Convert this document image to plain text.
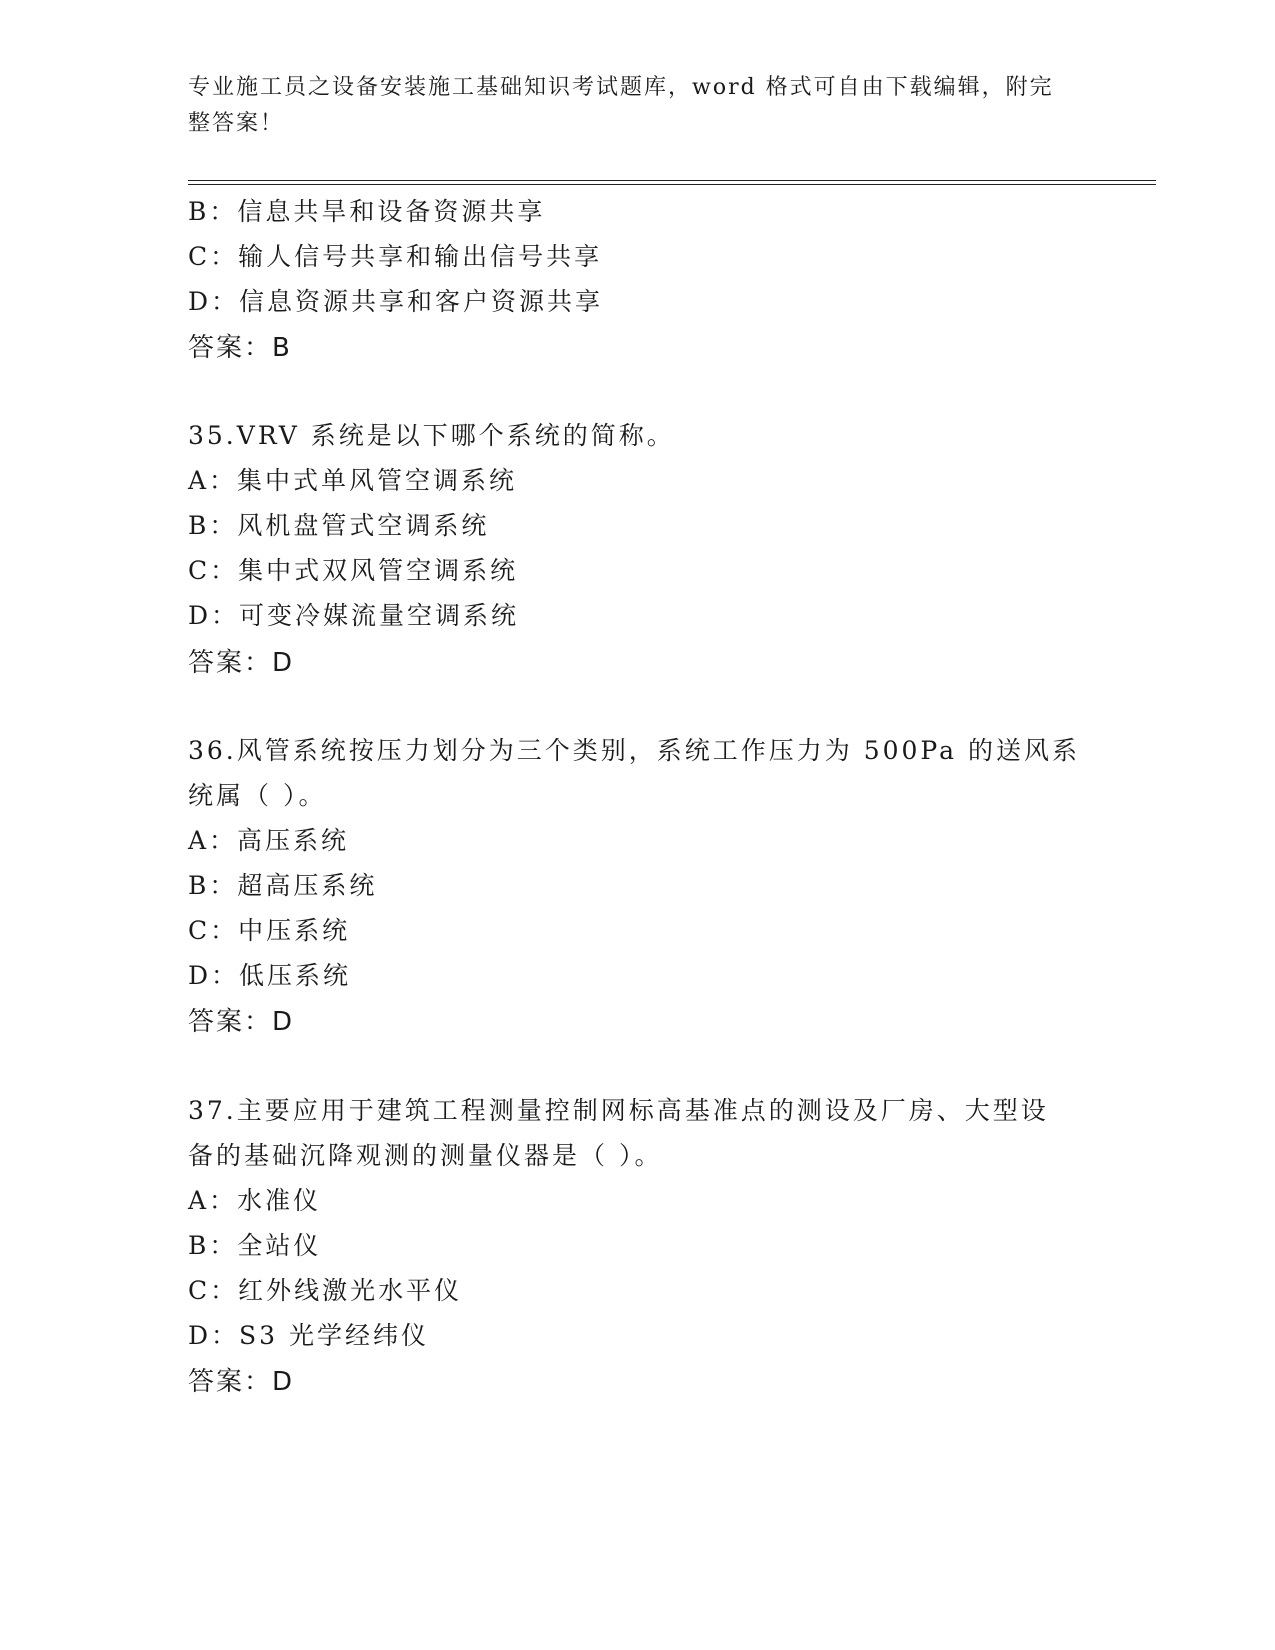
专业施工员之设备安装施工基础知识考试题库，word 格式可自由下载编辑，附完
整答案！
B：信息共旱和设备资源共享
C：输人信号共享和输出信号共享
D：信息资源共享和客户资源共享
答案：B
35.VRV 系统是以下哪个系统的简称。
A：集中式单风管空调系统
B：风机盘管式空调系统
C：集中式双风管空调系统
D：可变冷媒流量空调系统
答案：D
36.风管系统按压力划分为三个类别，系统工作压力为 500Pa 的送风系
统属（ ）。
A：高压系统
B：超高压系统
C：中压系统
D：低压系统
答案：D
37.主要应用于建筑工程测量控制网标高基准点的测设及厂房、大型设
备的基础沉降观测的测量仪器是（ ）。
A：水准仪
B：全站仪
C：红外线激光水平仪
D：S3 光学经纬仪
答案：D
